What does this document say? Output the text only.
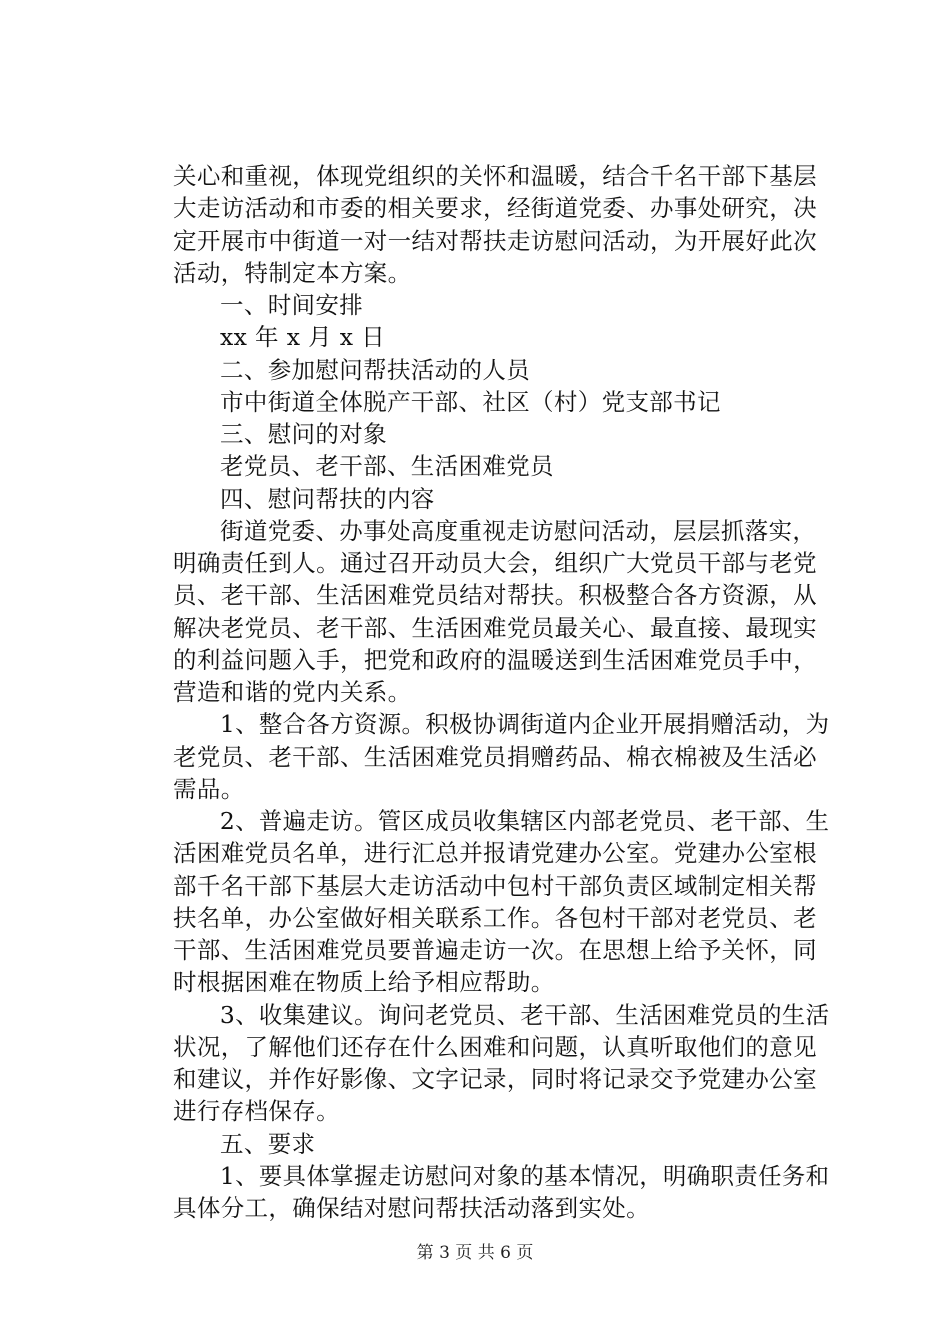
关心和重视，体现党组织的关怀和温暖，结合千名干部下基层
大走访活动和市委的相关要求，经街道党委、办事处研究，决
定开展市中街道一对一结对帮扶走访慰问活动，为开展好此次
活动，特制定本方案。
一、时间安排
xx 年 x 月 x 日
二、参加慰问帮扶活动的人员
市中街道全体脱产干部、社区（村）党支部书记
三、慰问的对象
老党员、老干部、生活困难党员
四、慰问帮扶的内容
街道党委、办事处高度重视走访慰问活动，层层抓落实，
明确责任到人。通过召开动员大会，组织广大党员干部与老党
员、老干部、生活困难党员结对帮扶。积极整合各方资源，从
解决老党员、老干部、生活困难党员最关心、最直接、最现实
的利益问题入手，把党和政府的温暖送到生活困难党员手中，
营造和谐的党内关系。
1、整合各方资源。积极协调街道内企业开展捐赠活动，为
老党员、老干部、生活困难党员捐赠药品、棉衣棉被及生活必
需品。
2、普遍走访。管区成员收集辖区内部老党员、老干部、生
活困难党员名单，进行汇总并报请党建办公室。党建办公室根
部千名干部下基层大走访活动中包村干部负责区域制定相关帮
扶名单，办公室做好相关联系工作。各包村干部对老党员、老
干部、生活困难党员要普遍走访一次。在思想上给予关怀，同
时根据困难在物质上给予相应帮助。
3、收集建议。询问老党员、老干部、生活困难党员的生活
状况，了解他们还存在什么困难和问题，认真听取他们的意见
和建议，并作好影像、文字记录，同时将记录交予党建办公室
进行存档保存。
五、要求
1、要具体掌握走访慰问对象的基本情况，明确职责任务和
具体分工，确保结对慰问帮扶活动落到实处。
第 3 页 共 6 页
